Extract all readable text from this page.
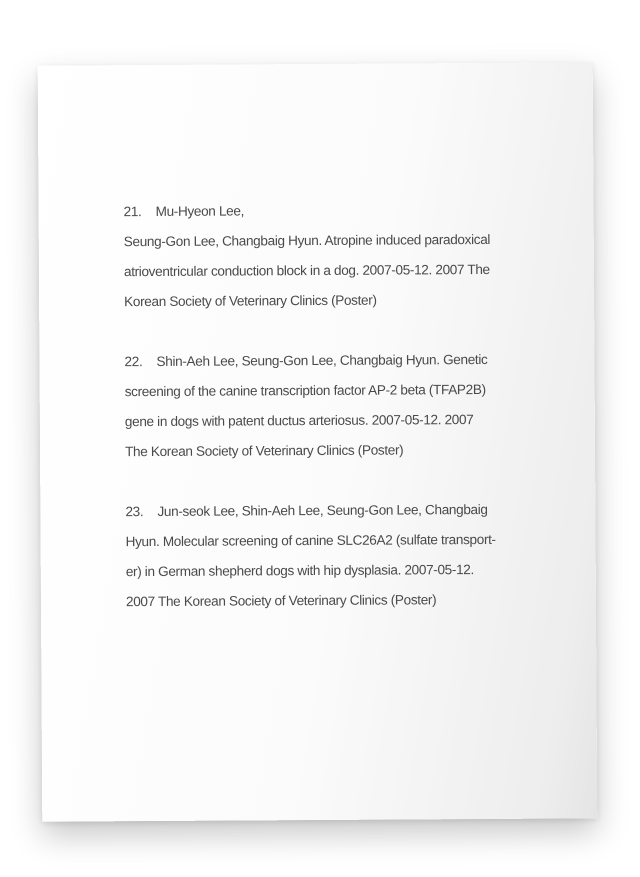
21. Mu-Hyeon Lee,
Seung-Gon Lee, Changbaig Hyun. Atropine induced paradoxical
atrioventricular conduction block in a dog. 2007-05-12. 2007 The
Korean Society of Veterinary Clinics (Poster)
22. Shin-Aeh Lee, Seung-Gon Lee, Changbaig Hyun. Genetic
screening of the canine transcription factor AP-2 beta (TFAP2B)
gene in dogs with patent ductus arteriosus. 2007-05-12. 2007
The Korean Society of Veterinary Clinics (Poster)
23. Jun-seok Lee, Shin-Aeh Lee, Seung-Gon Lee, Changbaig
Hyun. Molecular screening of canine SLC26A2 (sulfate transport-
er) in German shepherd dogs with hip dysplasia. 2007-05-12.
2007 The Korean Society of Veterinary Clinics (Poster)
